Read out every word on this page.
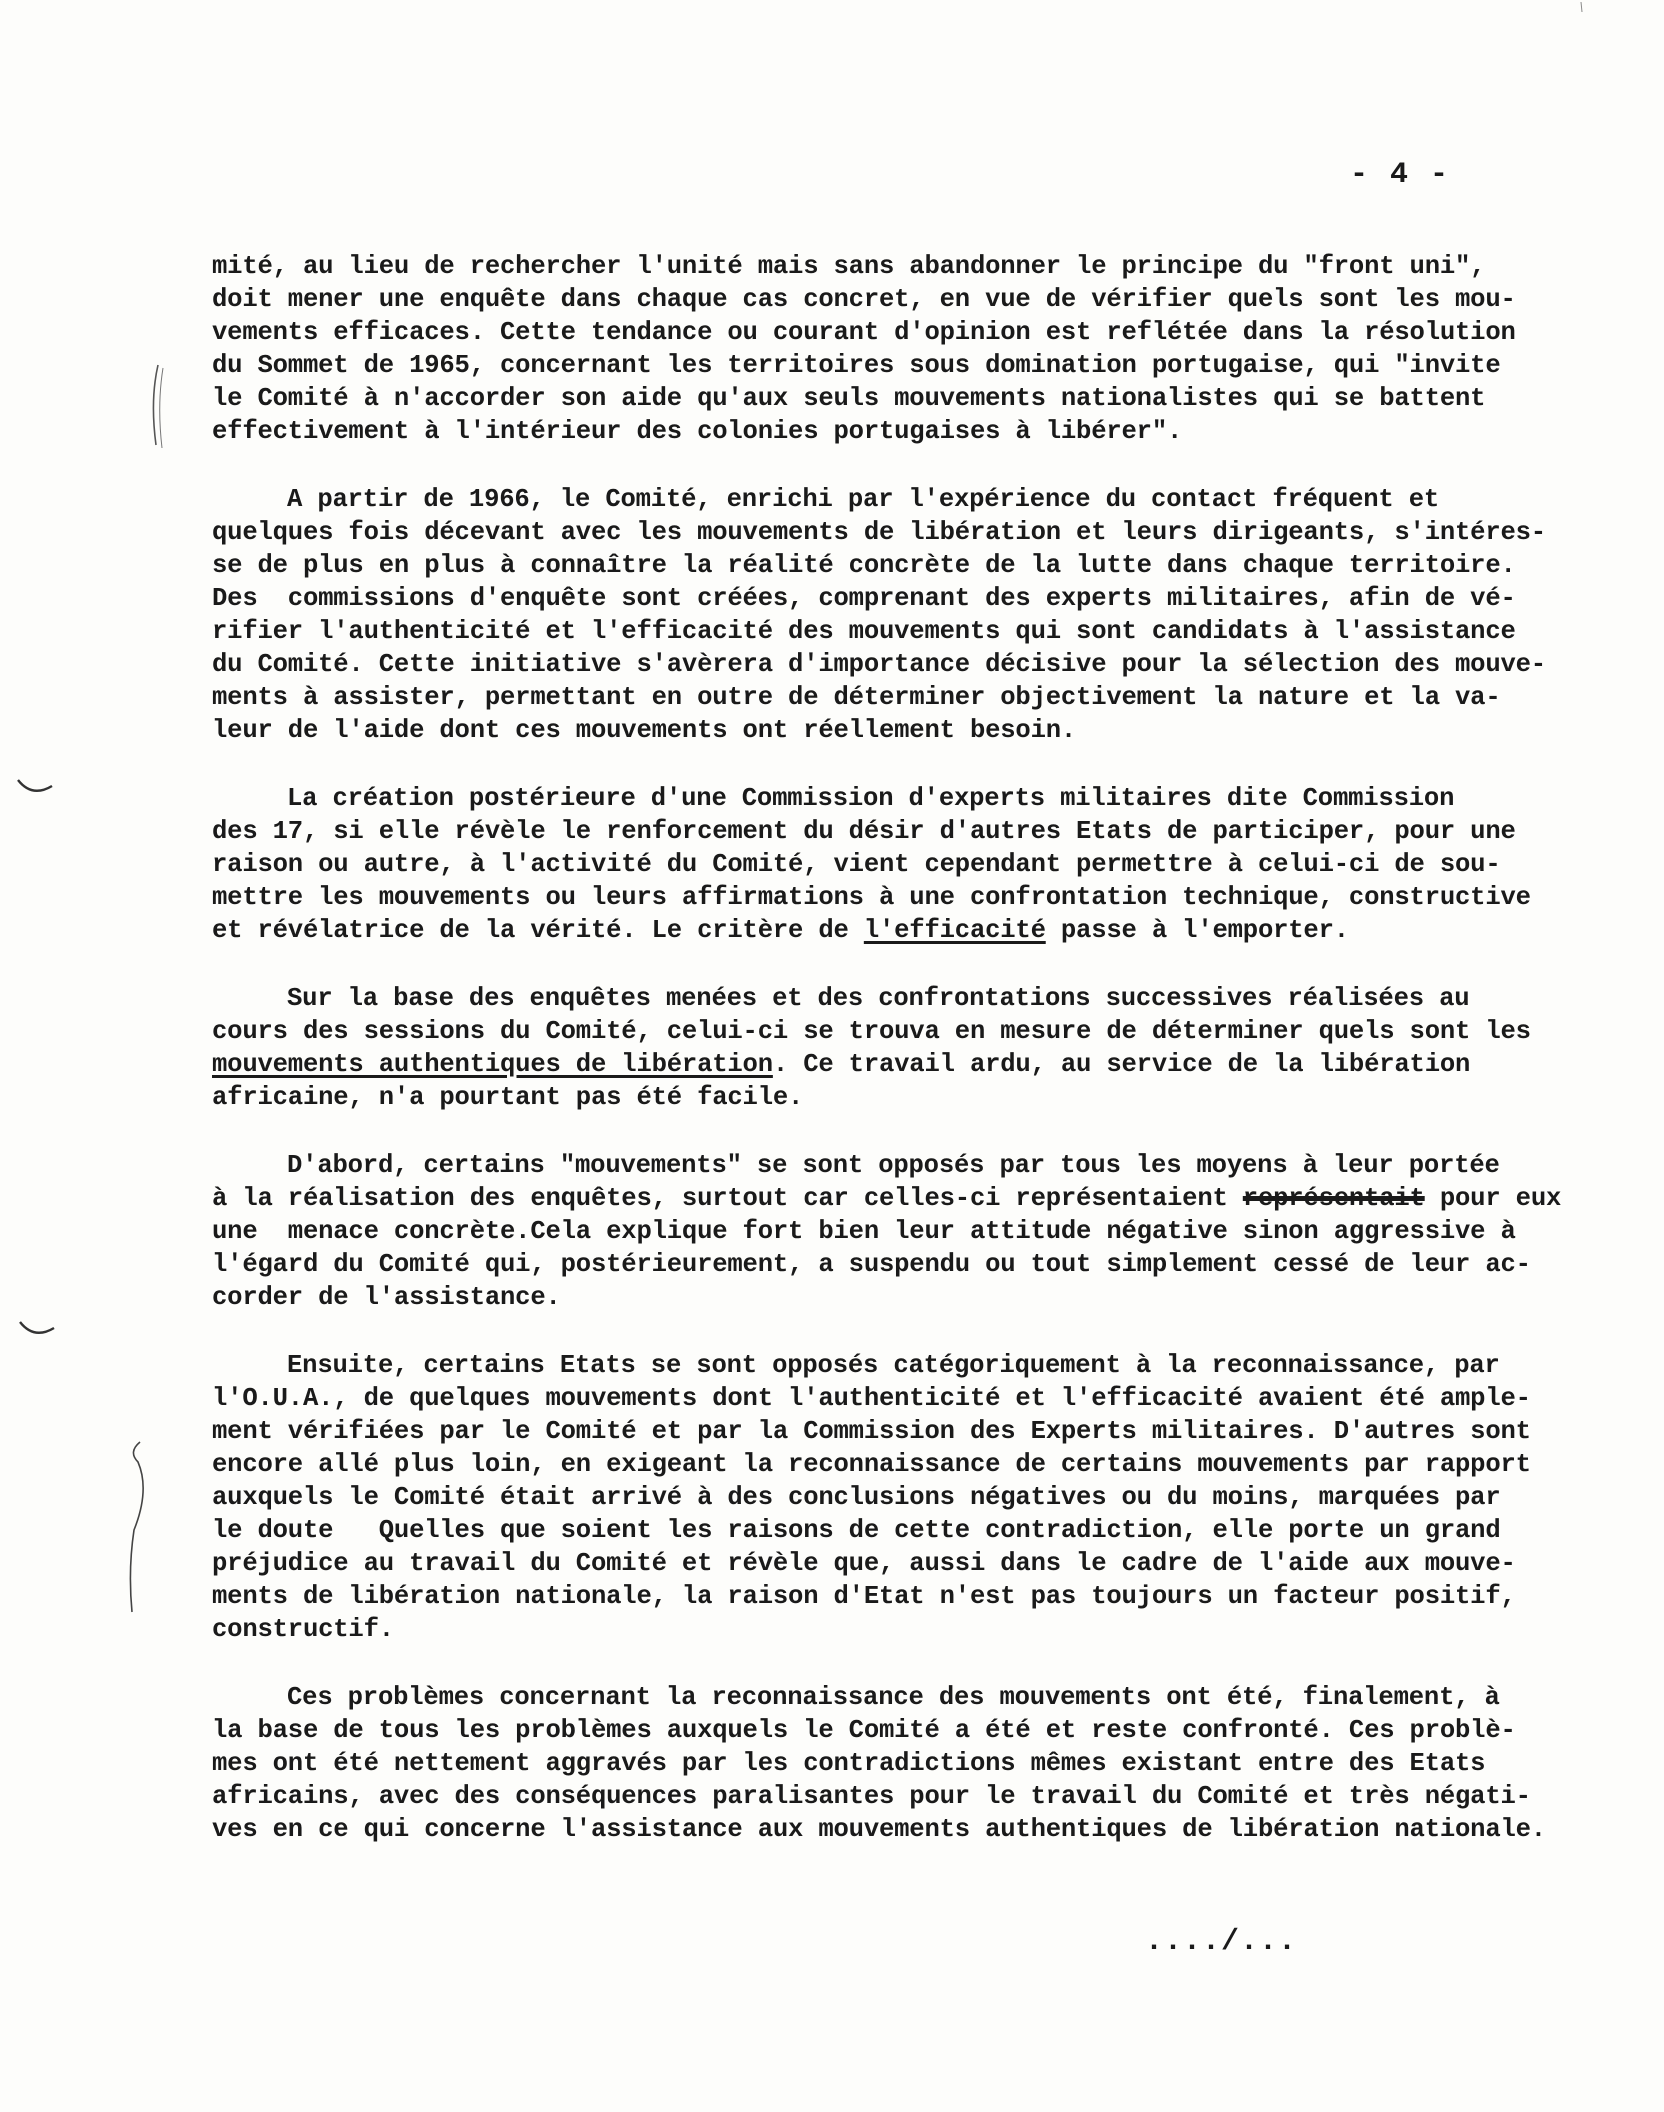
- 4 -
mité, au lieu de rechercher l'unité mais sans abandonner le principe du "front uni",
doit mener une enquête dans chaque cas concret, en vue de vérifier quels sont les mou-
vements efficaces. Cette tendance ou courant d'opinion est reflétée dans la résolution
du Sommet de 1965, concernant les territoires sous domination portugaise, qui "invite
le Comité à n'accorder son aide qu'aux seuls mouvements nationalistes qui se battent
effectivement à l'intérieur des colonies portugaises à libérer".
A partir de 1966, le Comité, enrichi par l'expérience du contact fréquent et
quelques fois décevant avec les mouvements de libération et leurs dirigeants, s'intéres-
se de plus en plus à connaître la réalité concrète de la lutte dans chaque territoire.
Des  commissions d'enquête sont créées, comprenant des experts militaires, afin de vé-
rifier l'authenticité et l'efficacité des mouvements qui sont candidats à l'assistance
du Comité. Cette initiative s'avèrera d'importance décisive pour la sélection des mouve-
ments à assister, permettant en outre de déterminer objectivement la nature et la va-
leur de l'aide dont ces mouvements ont réellement besoin.
La création postérieure d'une Commission d'experts militaires dite Commission
des 17, si elle révèle le renforcement du désir d'autres Etats de participer, pour une
raison ou autre, à l'activité du Comité, vient cependant permettre à celui-ci de sou-
mettre les mouvements ou leurs affirmations à une confrontation technique, constructive
et révélatrice de la vérité. Le critère de l'efficacité passe à l'emporter.
Sur la base des enquêtes menées et des confrontations successives réalisées au
cours des sessions du Comité, celui-ci se trouva en mesure de déterminer quels sont les
mouvements authentiques de libération. Ce travail ardu, au service de la libération
africaine, n'a pourtant pas été facile.
D'abord, certains "mouvements" se sont opposés par tous les moyens à leur portée
à la réalisation des enquêtes, surtout car celles-ci représentaient représentait pour eux
une  menace concrète.Cela explique fort bien leur attitude négative sinon aggressive à
l'égard du Comité qui, postérieurement, a suspendu ou tout simplement cessé de leur ac-
corder de l'assistance.
Ensuite, certains Etats se sont opposés catégoriquement à la reconnaissance, par
l'O.U.A., de quelques mouvements dont l'authenticité et l'efficacité avaient été ample-
ment vérifiées par le Comité et par la Commission des Experts militaires. D'autres sont
encore allé plus loin, en exigeant la reconnaissance de certains mouvements par rapport
auxquels le Comité était arrivé à des conclusions négatives ou du moins, marquées par
le doute   Quelles que soient les raisons de cette contradiction, elle porte un grand
préjudice au travail du Comité et révèle que, aussi dans le cadre de l'aide aux mouve-
ments de libération nationale, la raison d'Etat n'est pas toujours un facteur positif,
constructif.
Ces problèmes concernant la reconnaissance des mouvements ont été, finalement, à
la base de tous les problèmes auxquels le Comité a été et reste confronté. Ces problè-
mes ont été nettement aggravés par les contradictions mêmes existant entre des Etats
africains, avec des conséquences paralisantes pour le travail du Comité et très négati-
ves en ce qui concerne l'assistance aux mouvements authentiques de libération nationale.
..../...
